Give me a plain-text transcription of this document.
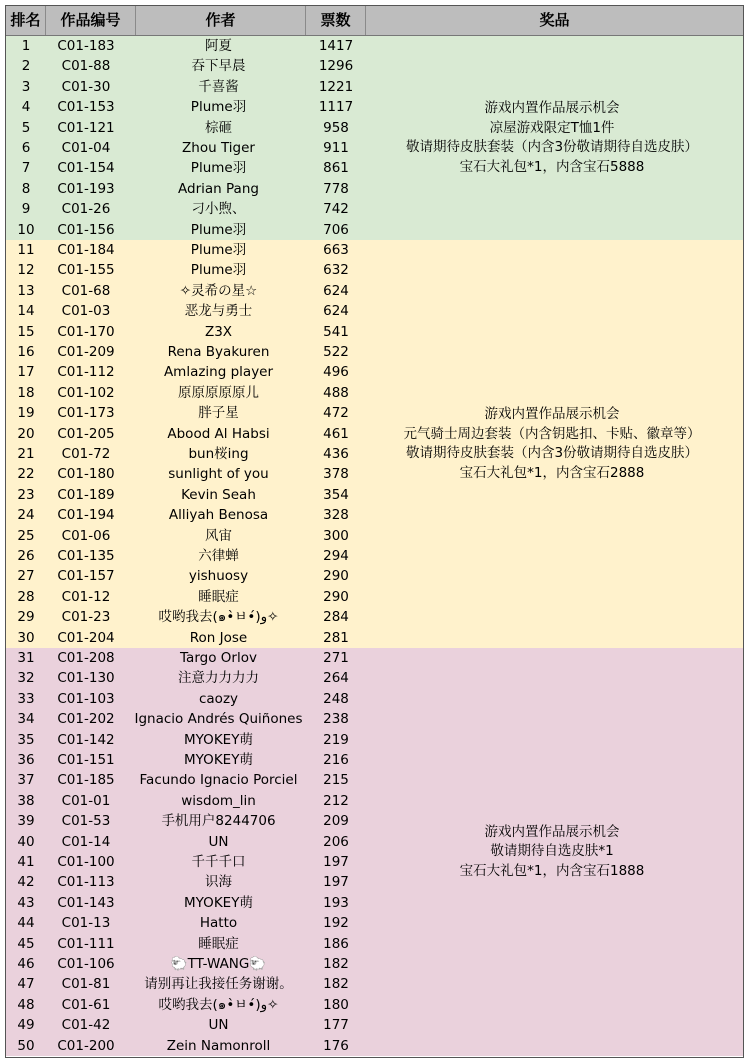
排名	作品编号	作者	票数	奖品
1	C01-183	阿夏	1417
2	C01-88	吞下早晨	1296
3	C01-30	千喜酱	1221
4	C01-153	Plume羽	1117
5	C01-121	棕砸	958
6	C01-04	Zhou Tiger	911
7	C01-154	Plume羽	861
8	C01-193	Adrian Pang	778
9	C01-26	刁小煦、	742
10	C01-156	Plume羽	706
游戏内置作品展示机会
凉屋游戏限定T恤1件
敬请期待皮肤套装（内含3份敬请期待自选皮肤）
宝石大礼包*1，内含宝石5888
11	C01-184	Plume羽	663
12	C01-155	Plume羽	632
13	C01-68	✧灵希の星☆	624
14	C01-03	恶龙与勇士	624
15	C01-170	Z3X	541
16	C01-209	Rena Byakuren	522
17	C01-112	Amlazing player	496
18	C01-102	原原原原原儿	488
19	C01-173	胖子星	472
20	C01-205	Abood Al Habsi	461
21	C01-72	bun桜ing	436
22	C01-180	sunlight of you	378
23	C01-189	Kevin Seah	354
24	C01-194	Alliyah Benosa	328
25	C01-06	风宙	300
26	C01-135	六律蝉	294
27	C01-157	yishuosy	290
28	C01-12	睡眠症	290
29	C01-23	哎哟我去(๑•̀ㅂ•́)و✧	284
30	C01-204	Ron Jose	281
游戏内置作品展示机会
元气骑士周边套装（内含钥匙扣、卡贴、徽章等）
敬请期待皮肤套装（内含3份敬请期待自选皮肤）
宝石大礼包*1，内含宝石2888
31	C01-208	Targo Orlov	271
32	C01-130	注意力力力力	264
33	C01-103	caozy	248
34	C01-202	Ignacio Andrés Quiñones	238
35	C01-142	MYOKEY萌	219
36	C01-151	MYOKEY萌	216
37	C01-185	Facundo Ignacio Porciel	215
38	C01-01	wisdom_lin	212
39	C01-53	手机用户8244706	209
40	C01-14	UN	206
41	C01-100	千千千口	197
42	C01-113	识海	197
43	C01-143	MYOKEY萌	193
44	C01-13	Hatto	192
45	C01-111	睡眠症	186
46	C01-106	🐑TT-WANG🐑	182
47	C01-81	请别再让我接任务谢谢。	182
48	C01-61	哎哟我去(๑•̀ㅂ•́)و✧	180
49	C01-42	UN	177
50	C01-200	Zein Namonroll	176
游戏内置作品展示机会
敬请期待自选皮肤*1
宝石大礼包*1，内含宝石1888
